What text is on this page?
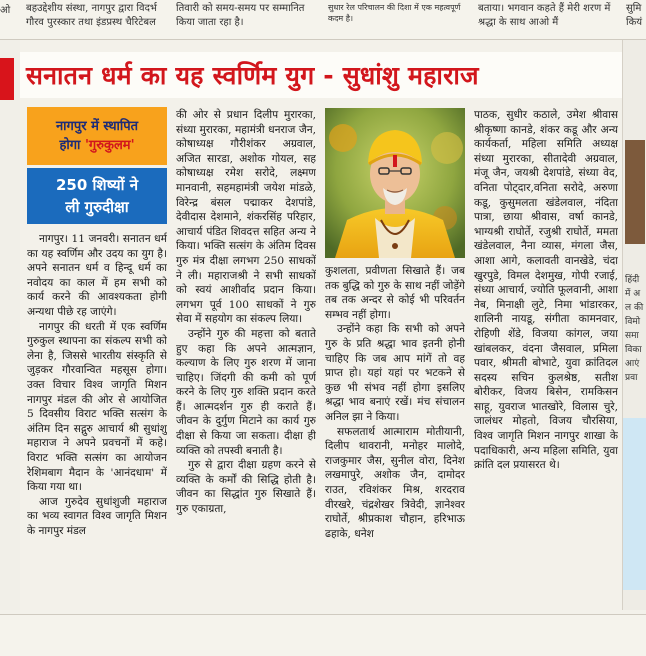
ओ	बहउद्देशीय संस्था, नागपुर द्वारा विदर्भ गौरव पुरस्कार तथा इंडप्रस्थ चैरिटेबल
तिवारी को समय-समय पर सम्मानित किया जाता रहा है।
सुधार रेल परिचालन की दिशा में एक महत्वपूर्ण कदम है।
बताया। भगवान कहते हैं मेरी शरण में श्रद्धा के साथ आओ मैं
सुमि कियं
हिंदी
में अ
ल की
विमो
समा
विका
आएं
प्रवा
सनातन धर्म का यह स्वर्णिम युग - सुधांशु महाराज
नागपुर में स्थापित
होगा 'गुरुकुलम'
250 शिष्यों ने
ली गुरुदीक्षा

नागपुर। 11 जनवरी। सनातन धर्म का यह स्वर्णिम और उदय का युग है। अपने सनातन धर्म व हिन्दू धर्म का नवोदय का काल में हम सभी को कार्य करने की आवश्यकता होगी अन्यथा पीछे रह जाएंगे।

नागपुर की धरती में एक स्वर्णिम गुरुकुल स्थापना का संकल्प सभी को लेना है, जिससे भारतीय संस्कृति से जुड़कर गौरवान्वित महसूस होगा। उक्त विचार विश्व जागृति मिशन नागपुर मंडल की ओर से आयोजित 5 दिवसीय विराट भक्ति सत्संग के अंतिम दिन सद्गुरु आचार्य श्री सुधांशु महाराज ने अपने प्रवचनों में कहे। विराट भक्ति सत्संग का आयोजन रेशिमबाग मैदान के 'आनंदधाम' में किया गया था।

आज गुरुदेव सुधांशुजी महाराज का भव्य स्वागत विश्व जागृति मिशन के नागपुर मंडल

की ओर से प्रधान दिलीप मुरारका, संध्या मुरारका, महामंत्री धनराज जैन, कोषाध्यक्ष गौरीशंकर अग्रवाल, अजित सारडा, अशोक गोयल, सह कोषाध्यक्ष रमेश सरोदे, लक्ष्मण मानवानी, सहमहामंत्री जयेश मांडळे, विरेन्द्र बंसल पद्माकर देशपांडे, देवीदास देशमाने, शंकरसिंह परिहार, आचार्य पंडित शिवदत्त सहित अन्य ने किया। भक्ति सत्संग के अंतिम दिवस गुरु मंत्र दीक्षा लगभग 250 साधकों ने ली। महाराजश्री ने सभी साधकों को स्वयं आशीर्वाद प्रदान किया। लगभग पूर्व 100 साधकों ने गुरु सेवा में सहयोग का संकल्प लिया।

उन्होंने गुरु की महत्ता को बताते हुए कहा कि अपने आत्मज्ञान, कल्याण के लिए गुरु शरण में जाना चाहिए। जिंदगी की कमी को पूर्ण करने के लिए गुरु शक्ति प्रदान करते हैं। आत्मदर्शन गुरु ही कराते हैं। जीवन के दुर्गुण मिटाने का कार्य गुरु दीक्षा से किया जा सकता। दीक्षा ही व्यक्ति को तपस्वी बनाती है।

गुरु से द्वारा दीक्षा ग्रहण करने से व्यक्ति के कर्मों की सिद्धि होती है। जीवन का सिद्धांत गुरु सिखाते हैं। गुरु एकाग्रता,

कुशलता, प्रवीणता सिखाते हैं। जब तक बुद्धि को गुरु के साथ नहीं जोड़ेंगे तब तक अन्दर से कोई भी परिवर्तन सम्भव नहीं होगा।

उन्होंने कहा कि सभी को अपने गुरु के प्रति श्रद्धा भाव इतनी होनी चाहिए कि जब आप मांगें तो वह प्राप्त हो। यहां यहां पर भटकने से कुछ भी संभव नहीं होगा इसलिए श्रद्धा भाव बनाएं रखें। मंच संचालन अनिल झा ने किया।

सफलतार्थ आत्माराम मोतीयानी, दिलीप थावरानी, मनोहर मालोदे, राजकुमार जैस, सुनील वोरा, दिनेश लखमापुरे, अशोक जैन, दामोदर राउत, रविशंकर मिश्र, शरदराव वीरखरे, चंद्रशेखर त्रिवेदी, ज्ञानेश्वर राघोर्ते, श्रीप्रकाश चौहान, हरिभाऊ ढहाके, धनेश

पाठक, सुधीर कठाले, उमेश श्रीवास श्रीकृष्णा कानडे, शंकर कडू और अन्य कार्यकर्ता, महिला समिति अध्यक्ष संध्या मुरारका, सीतादेवी अग्रवाल, मंजू जैन, जयश्री देशपांडे, संध्या वेद, वनिता पोट्दार,वनिता सरोदे, अरुणा कडू, कुसुमलता खंडेलवाल, नंदिता पात्रा, छाया श्रीवास, वर्षा कानडे, भाग्यश्री राघोर्ते, रजुश्री राघोर्ते, ममता खंडेलवाल, नैना व्यास, मंगला जैस, आशा आगे, कलावती वानखेडे, चंदा खुरपुडे, विमल देशमुख, गोपी रजाई, संध्या आचार्य, ज्योति फूलवानी, आशा नेब, मिनाक्षी लुटे, निमा भांडारकर, शालिनी नायडू, संगीता कामनवार, रोहिणी शेंडे, विजया कांगल, जया खांबलकर, वंदना जैसवाल, प्रमिला पवार, श्रीमती बोभाटे, युवा क्रांतिदल सदस्य सचिन कुलश्रेष्ठ, सतीश बोरीकर, विजय बिसेन, रामकिसन साहू, युवराज भातखोरे, विलास चुरे, जालंधर मोहतो, विजय चौरसिया, विश्व जागृति मिशन नागपुर शाखा के पदाधिकारी, अन्य महिला समिति, युवा क्रांति दल प्रयासरत थे।
